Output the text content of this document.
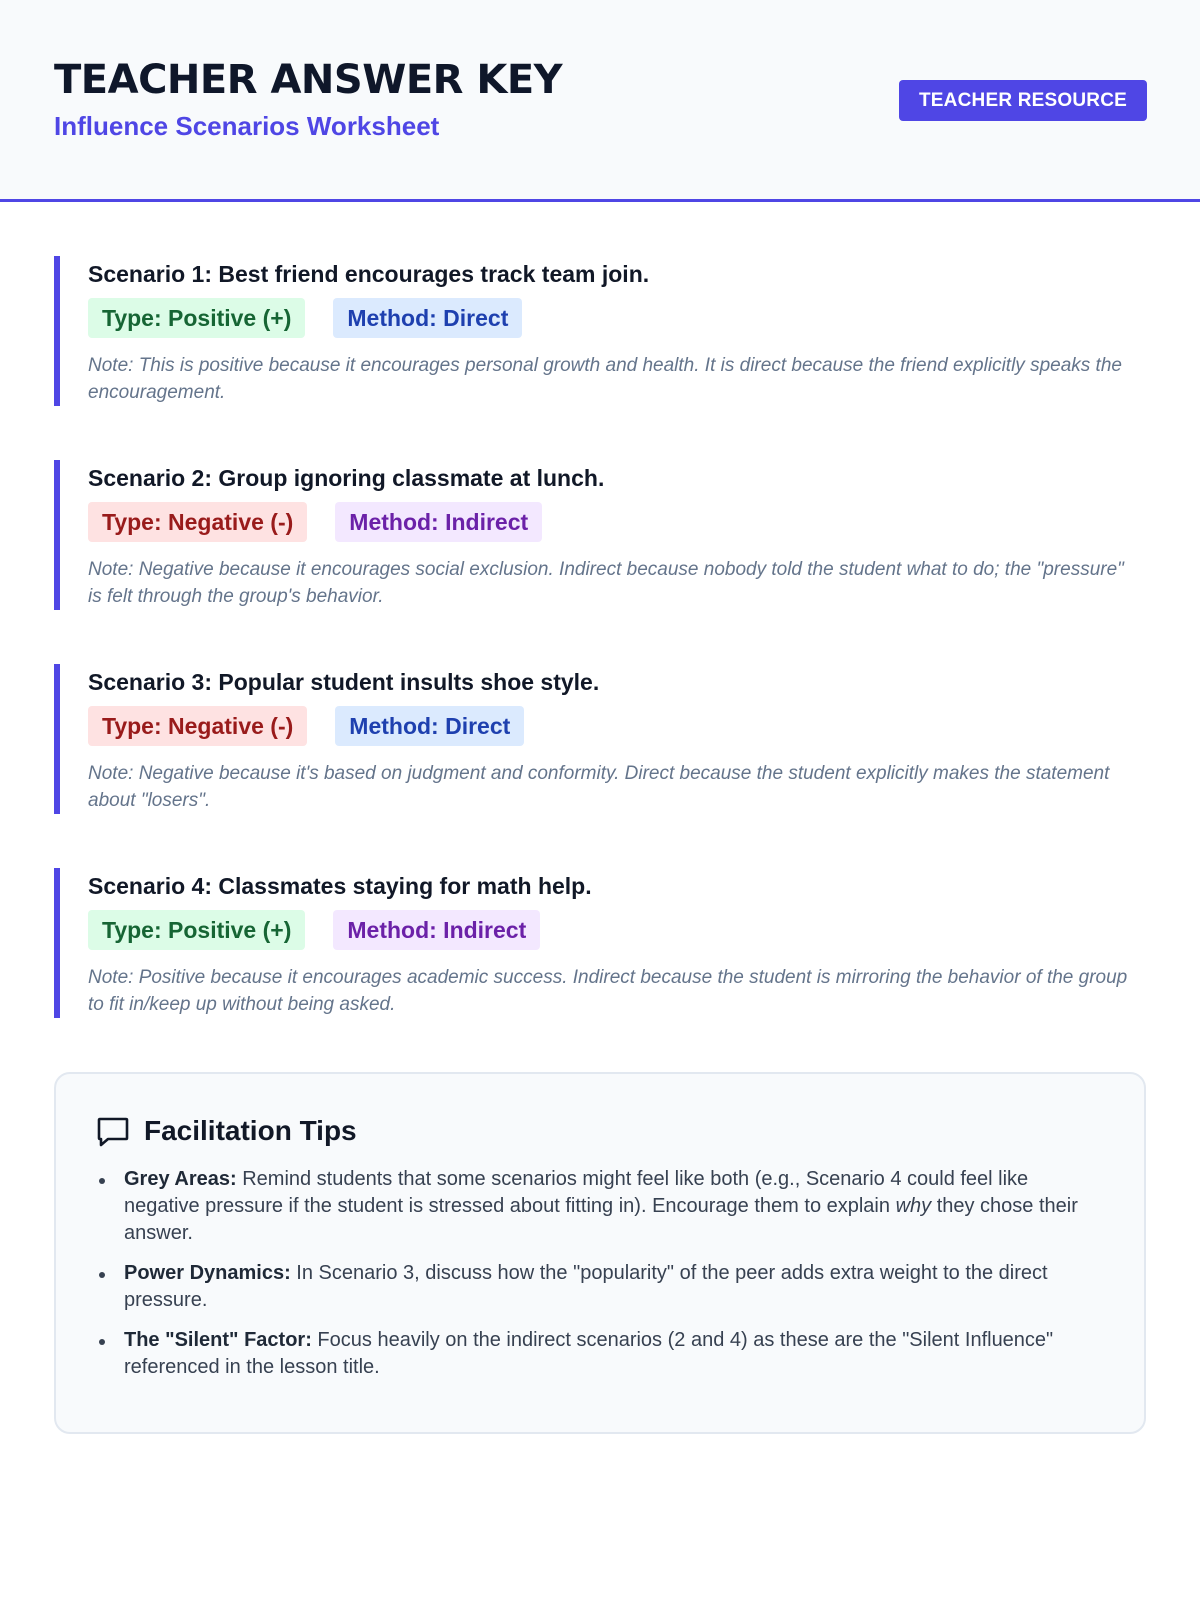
TEACHER ANSWER KEY
Influence Scenarios Worksheet
TEACHER RESOURCE
Scenario 1: Best friend encourages track team join.
Type: Positive (+)	Method: Direct
Note: This is positive because it encourages personal growth and health. It is direct because the friend explicitly speaks the encouragement.
Scenario 2: Group ignoring classmate at lunch.
Type: Negative (-)	Method: Indirect
Note: Negative because it encourages social exclusion. Indirect because nobody told the student what to do; the "pressure" is felt through the group's behavior.
Scenario 3: Popular student insults shoe style.
Type: Negative (-)	Method: Direct
Note: Negative because it's based on judgment and conformity. Direct because the student explicitly makes the statement about "losers".
Scenario 4: Classmates staying for math help.
Type: Positive (+)	Method: Indirect
Note: Positive because it encourages academic success. Indirect because the student is mirroring the behavior of the group to fit in/keep up without being asked.
Facilitation Tips
Grey Areas: Remind students that some scenarios might feel like both (e.g., Scenario 4 could feel like negative pressure if the student is stressed about fitting in). Encourage them to explain why they chose their answer.
Power Dynamics: In Scenario 3, discuss how the "popularity" of the peer adds extra weight to the direct pressure.
The "Silent" Factor: Focus heavily on the indirect scenarios (2 and 4) as these are the "Silent Influence" referenced in the lesson title.
